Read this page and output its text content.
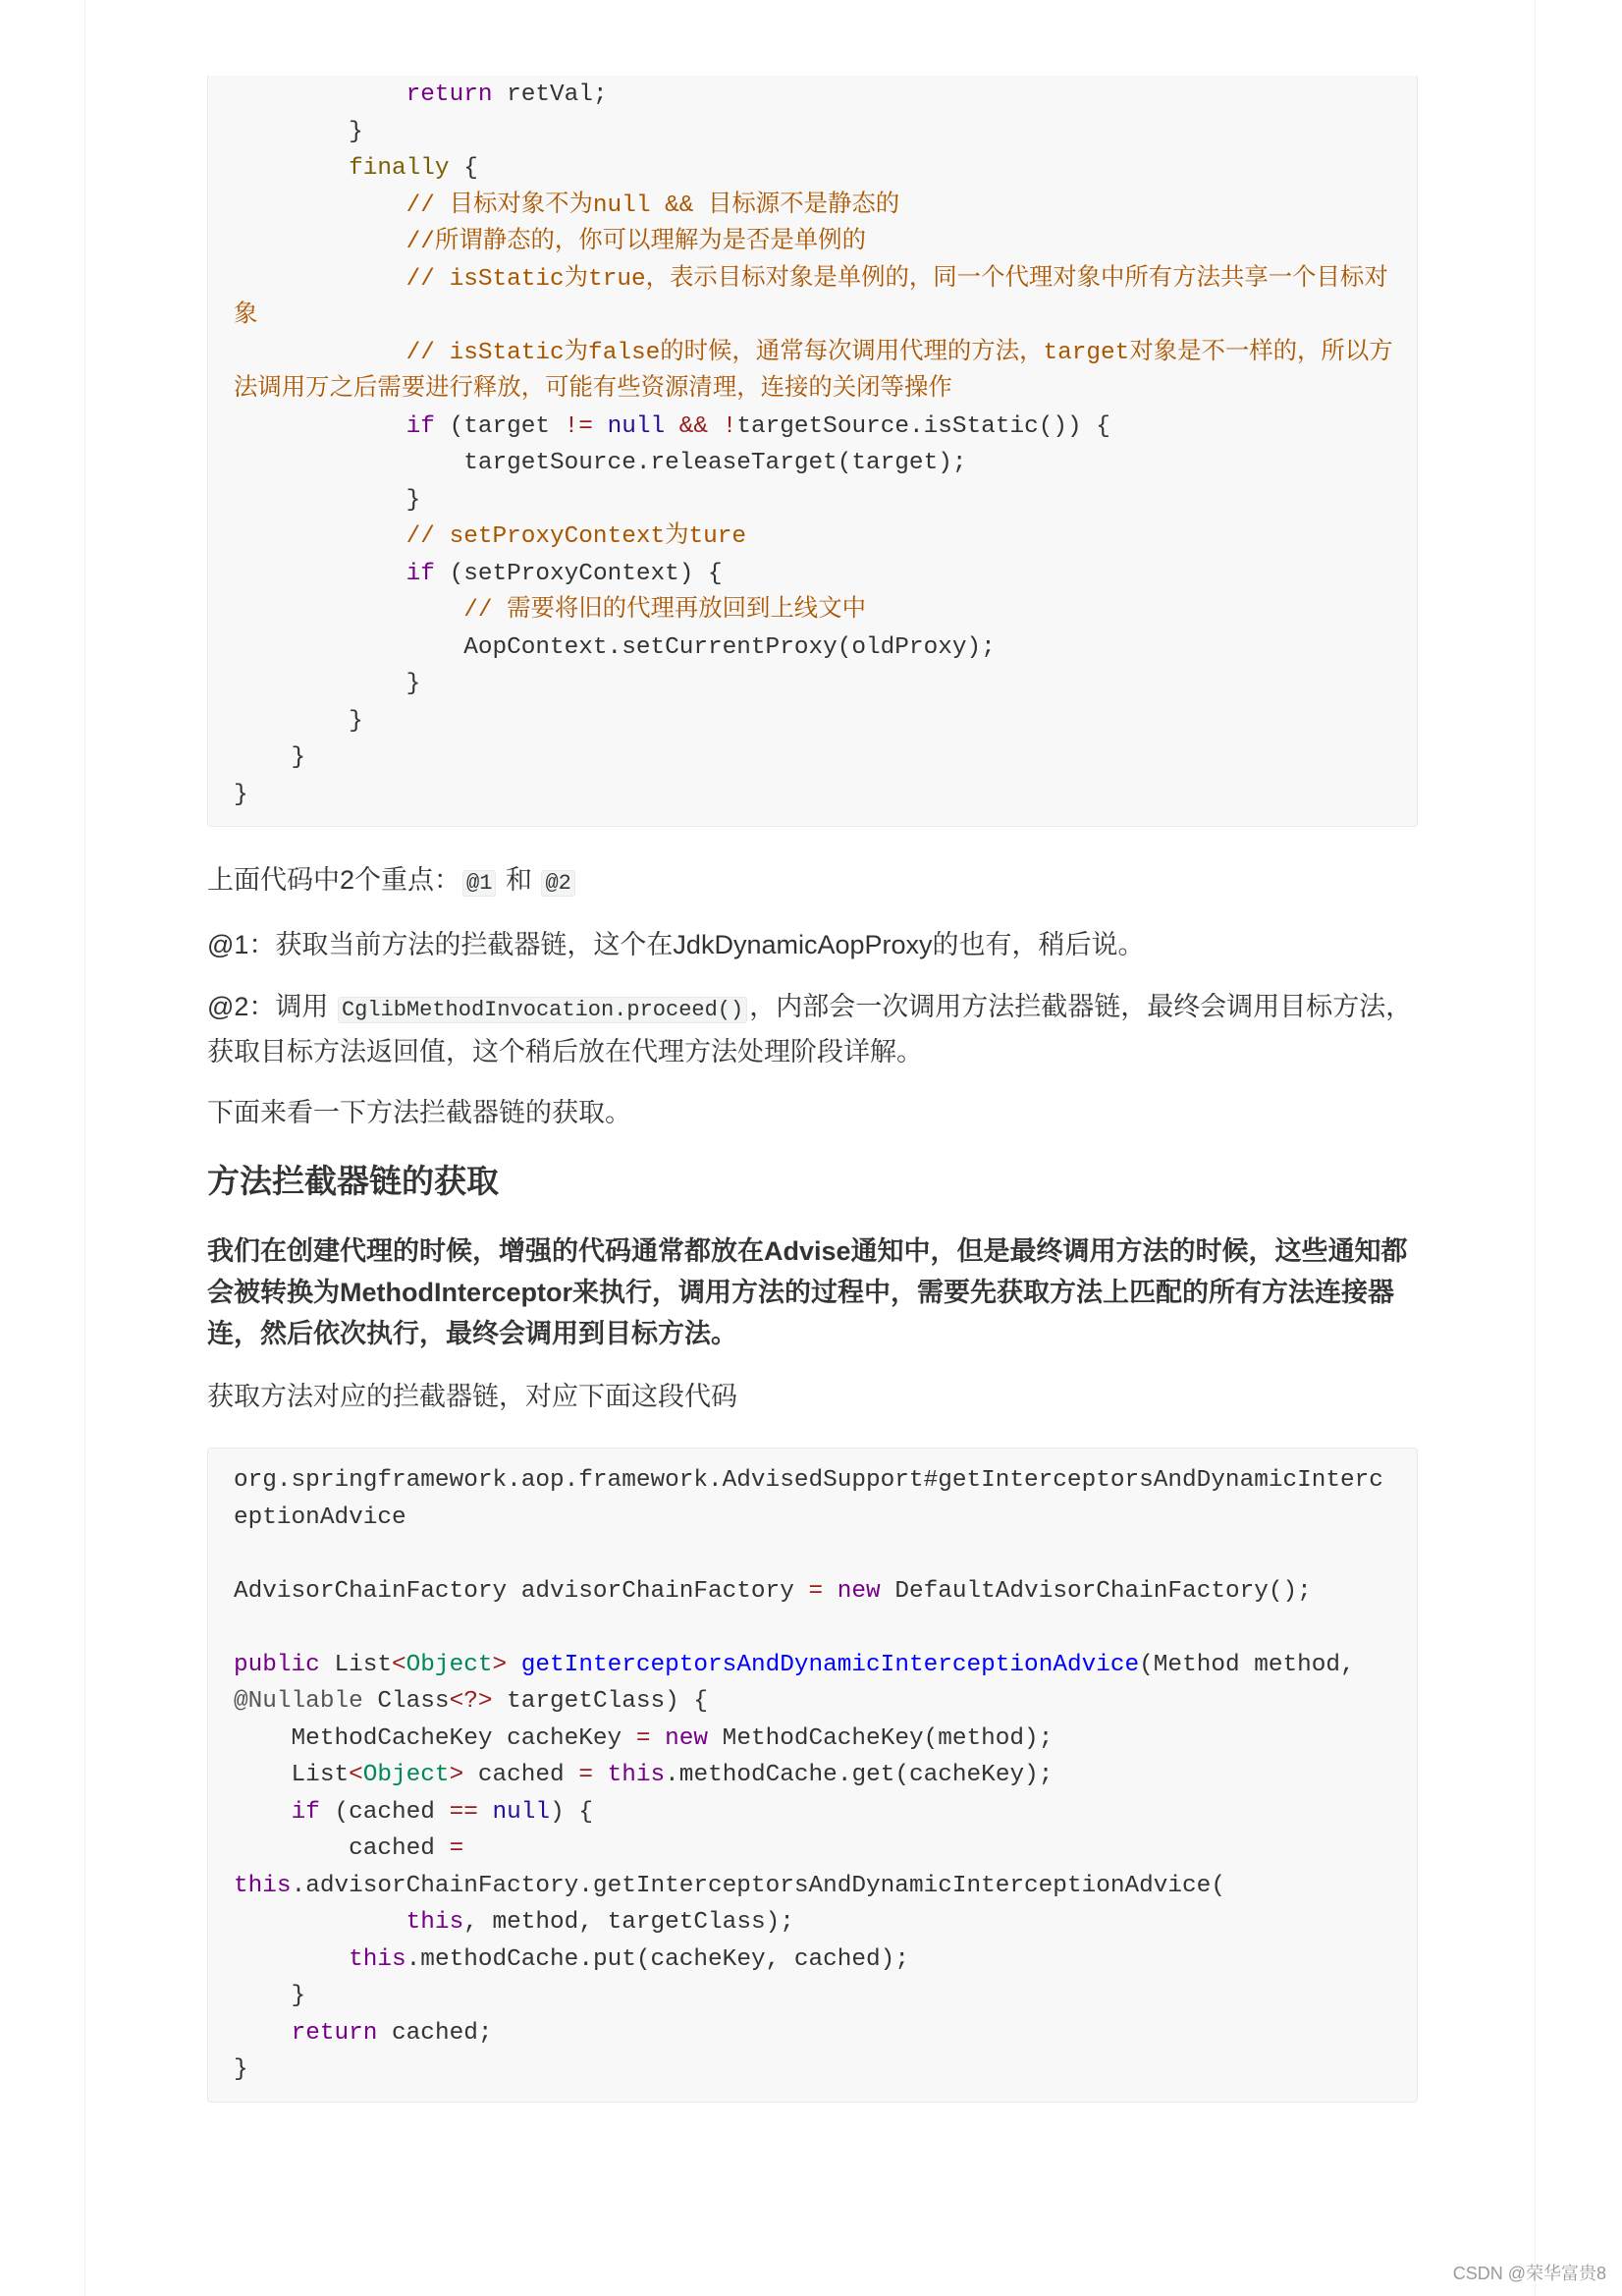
return retVal;
}
finally {
// 目标对象不为null && 目标源不是静态的
//所谓静态的，你可以理解为是否是单例的
// isStatic为true，表示目标对象是单例的，同一个代理对象中所有方法共享一个目标对
象
// isStatic为false的时候，通常每次调用代理的方法，target对象是不一样的，所以方
法调用万之后需要进行释放，可能有些资源清理，连接的关闭等操作
if (target != null && !targetSource.isStatic()) {
targetSource.releaseTarget(target);
}
// setProxyContext为ture
if (setProxyContext) {
// 需要将旧的代理再放回到上线文中
AopContext.setCurrentProxy(oldProxy);
}
}
}
}

上面代码中2个重点： @1 和 @2

@1：获取当前方法的拦截器链，这个在JdkDynamicAopProxy的也有，稍后说。

@2：调用 CglibMethodInvocation.proceed() ，内部会一次调用方法拦截器链，最终会调用目标方法，获取目标方法返回值，这个稍后放在代理方法处理阶段详解。

下面来看一下方法拦截器链的获取。

方法拦截器链的获取

我们在创建代理的时候，增强的代码通常都放在Advise通知中，但是最终调用方法的时候，这些通知都会被转换为MethodInterceptor来执行，调用方法的过程中，需要先获取方法上匹配的所有方法连接器连，然后依次执行，最终会调用到目标方法。

获取方法对应的拦截器链，对应下面这段代码

org.springframework.aop.framework.AdvisedSupport#getInterceptorsAndDynamicInterc
eptionAdvice
AdvisorChainFactory advisorChainFactory = new DefaultAdvisorChainFactory();
public List<Object> getInterceptorsAndDynamicInterceptionAdvice(Method method,
@Nullable Class<?> targetClass) {
MethodCacheKey cacheKey = new MethodCacheKey(method);
List<Object> cached = this.methodCache.get(cacheKey);
if (cached == null) {
cached =
this.advisorChainFactory.getInterceptorsAndDynamicInterceptionAdvice(
this, method, targetClass);
this.methodCache.put(cacheKey, cached);
}
return cached;
}
CSDN @荣华富贵8
